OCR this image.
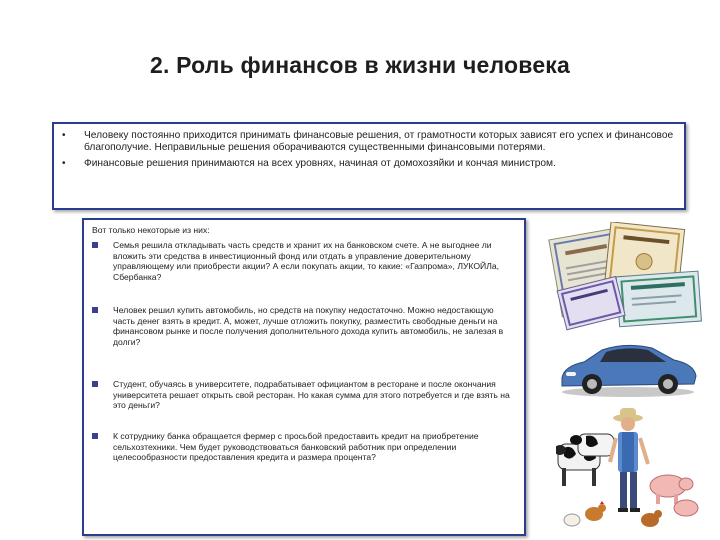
2. Роль финансов в жизни человека
• Человеку постоянно приходится принимать финансовые решения, от грамотности которых зависят его успех и финансовое благополучие. Неправильные решения оборачиваются существенными финансовыми потерями.
• Финансовые решения принимаются на всех уровнях, начиная от домохозяйки и кончая министром.
Вот только некоторые из них:
Семья решила откладывать часть средств и хранит их на банковском счете. А не выгоднее ли вложить эти средства в инвестиционный фонд или отдать в управление доверительному управляющему или приобрести акции? А если покупать акции, то какие: «Газпрома», ЛУКОЙЛа, Сбербанка?
Человек решил купить автомобиль, но средств на покупку недостаточно. Можно недостающую часть денег взять в кредит. А, может, лучше отложить покупку, разместить свободные деньги на финансовом рынке и после получения дополнительного дохода купить автомобиль, не залезая в долги?
Студент, обучаясь в университете, подрабатывает официантом в ресторане и после окончания университета решает открыть свой ресторан. Но какая сумма для этого потребуется и где взять на это деньги?
К сотруднику банка обращается фермер с просьбой предоставить кредит на приобретение сельхозтехники. Чем будет руководствоваться банковский работник при определении целесообразности предоставления кредита и размера процента?
